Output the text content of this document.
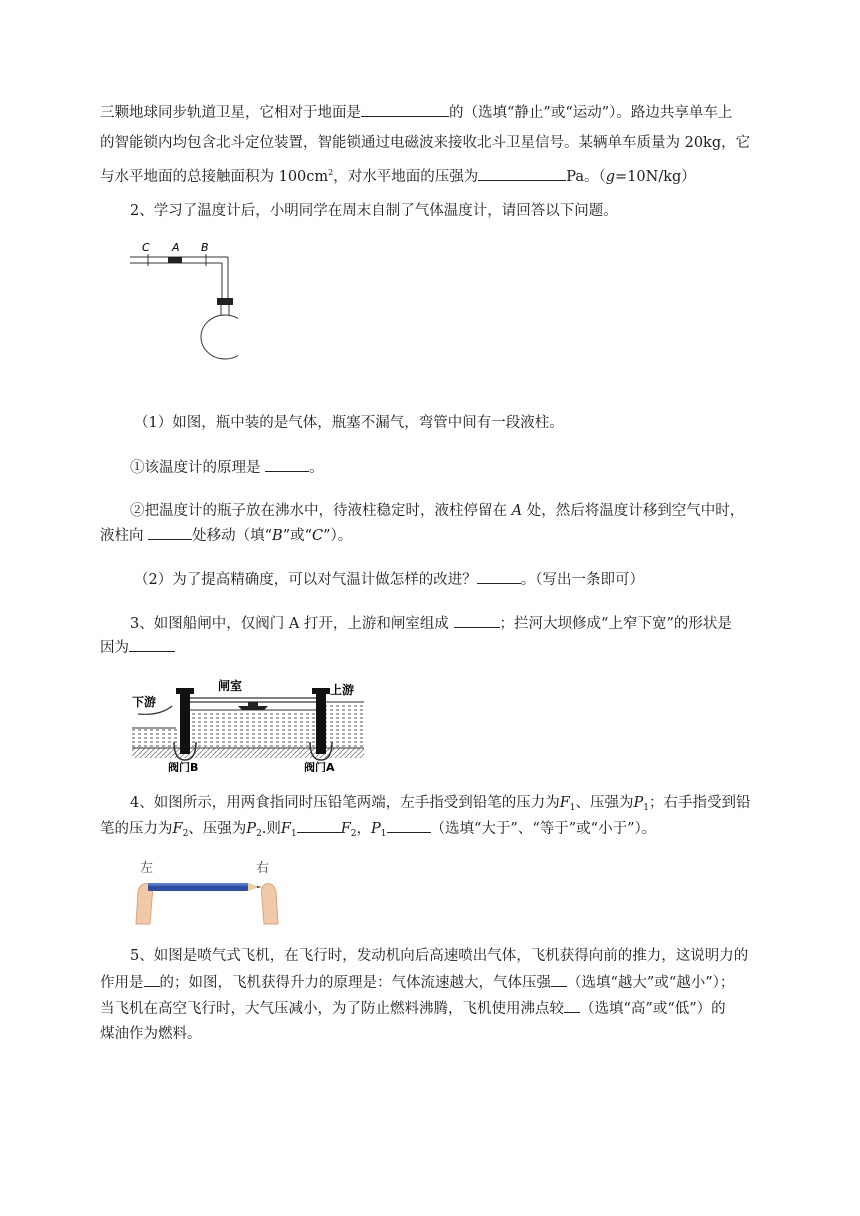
三颗地球同步轨道卫星，它相对于地面是	的（选填“静止”或“运动”）。路边共享单车上
的智能锁内均包含北斗定位装置，智能锁通过电磁波来接收北斗卫星信号。某辆单车质量为 20kg，它
与水平地面的总接触面积为 $100cm^2$，对水平地面的压强为	Pa。（g=10N/kg）
2、学习了温度计后，小明同学在周末自制了气体温度计，请回答以下问题。
C A B
（1）如图，瓶中装的是气体，瓶塞不漏气，弯管中间有一段液柱。
①该温度计的原理是	。
②把温度计的瓶子放在沸水中，待液柱稳定时，液柱停留在 A 处，然后将温度计移到空气中时，
液柱向	处移动（填“B”或“C”）。
（2）为了提高精确度，可以对气温计做怎样的改进？	。（写出一条即可）
3、如图船闸中，仅阀门 A 打开，上游和闸室组成	；拦河大坝修成“上窄下宽”的形状是
因为
闸室	上游
下游
阀门B	阀门A
4、如图所示，用两食指同时压铅笔两端，左手指受到铅笔的压力为$F_1$、压强为$P_1$；右手指受到铅
笔的压力为$F_2$、压强为$P_2$.则$F_1$	$F_2$，$P_1$	（选填“大于”、“等于”或“小于”）。
左	右
5、如图是喷气式飞机，在飞行时，发动机向后高速喷出气体，飞机获得向前的推力，这说明力的
作用是 的；如图，飞机获得升力的原理是：气体流速越大，气体压强 （选填“越大”或“越小”）；
当飞机在高空飞行时，大气压减小，为了防止燃料沸腾，飞机使用沸点较 （选填“高”或“低”）的
煤油作为燃料。
